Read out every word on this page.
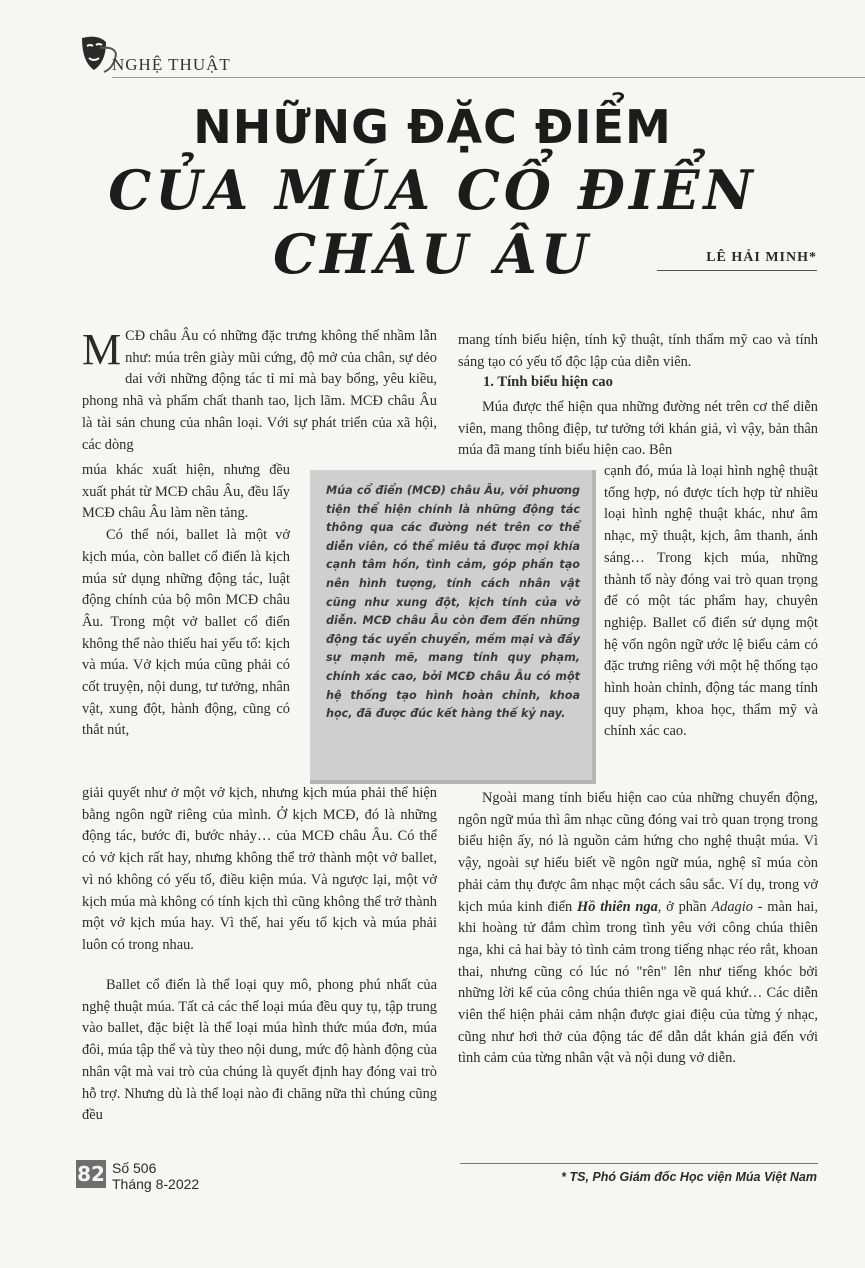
NGHỆ THUẬT
NHỮNG ĐẶC ĐIỂM
CỦA MÚA CỔ ĐIỂN CHÂU ÂU	LÊ HẢI MINH*

MCĐ châu Âu có những đặc trưng không thể nhầm lẫn như: múa trên giày mũi cứng, độ mở của chân, sự dẻo dai với những động tác tỉ mỉ mà bay bổng, yêu kiều, phong nhã và phẩm chất thanh tao, lịch lãm. MCĐ châu Âu là tài sản chung của nhân loại. Với sự phát triển của xã hội, các dòng

múa khác xuất hiện, nhưng đều xuất phát từ MCĐ châu Âu, đều lấy MCĐ châu Âu làm nền tảng.

Có thể nói, ballet là một vở kịch múa, còn ballet cổ điển là kịch múa sử dụng những động tác, luật động chính của bộ môn MCĐ châu Âu. Trong một vở ballet cổ điển không thể nào thiếu hai yếu tố: kịch và múa. Vở kịch múa cũng phải có cốt truyện, nội dung, tư tưởng, nhân vật, xung đột, hành động, cũng có thắt nút,

giải quyết như ở một vở kịch, nhưng kịch múa phải thể hiện bằng ngôn ngữ riêng của mình. Ở kịch MCĐ, đó là những động tác, bước đi, bước nhảy… của MCĐ châu Âu. Có thể có vở kịch rất hay, nhưng không thể trở thành một vở ballet, vì nó không có yếu tố, điều kiện múa. Và ngược lại, một vở kịch múa mà không có tính kịch thì cũng không thể trở thành một vở kịch múa hay. Vì thế, hai yếu tố kịch và múa phải luôn có trong nhau.

Ballet cổ điển là thể loại quy mô, phong phú nhất của nghệ thuật múa. Tất cả các thể loại múa đều quy tụ, tập trung vào ballet, đặc biệt là thể loại múa hình thức múa đơn, múa đôi, múa tập thể và tùy theo nội dung, mức độ hành động của nhân vật mà vai trò của chúng là quyết định hay đóng vai trò hỗ trợ. Nhưng dù là thể loại nào đi chăng nữa thì chúng cũng đều

Múa cổ điển (MCĐ) châu Âu, với phương tiện thể hiện chính là những động tác thông qua các đường nét trên cơ thể diễn viên, có thể miêu tả được mọi khía cạnh tâm hồn, tình cảm, góp phần tạo nên hình tượng, tính cách nhân vật cũng như xung đột, kịch tính của vở diễn. MCĐ châu Âu còn đem đến những động tác uyển chuyển, mềm mại và đầy sự mạnh mẽ, mang tính quy phạm, chính xác cao, bởi MCĐ châu Âu có một hệ thống tạo hình hoàn chỉnh, khoa học, đã được đúc kết hàng thế kỷ nay.

mang tính biểu hiện, tính kỹ thuật, tính thẩm mỹ cao và tính sáng tạo có yếu tố độc lập của diễn viên.

1. Tính biểu hiện cao

Múa được thể hiện qua những đường nét trên cơ thể diễn viên, mang thông điệp, tư tưởng tới khán giả, vì vậy, bản thân múa đã mang tính biểu hiện cao. Bên

cạnh đó, múa là loại hình nghệ thuật tổng hợp, nó được tích hợp từ nhiều loại hình nghệ thuật khác, như âm nhạc, mỹ thuật, kịch, âm thanh, ánh sáng… Trong kịch múa, những thành tố này đóng vai trò quan trọng để có một tác phẩm hay, chuyên nghiệp. Ballet cổ điển sử dụng một hệ vốn ngôn ngữ ước lệ biểu cảm có đặc trưng riêng với một hệ thống tạo hình hoàn chỉnh, động tác mang tính quy phạm, khoa học, thẩm mỹ và chính xác cao.

Ngoài mang tính biểu hiện cao của những chuyển động, ngôn ngữ múa thì âm nhạc cũng đóng vai trò quan trọng trong biểu hiện ấy, nó là nguồn cảm hứng cho nghệ thuật múa. Vì vậy, ngoài sự hiểu biết về ngôn ngữ múa, nghệ sĩ múa còn phải cảm thụ được âm nhạc một cách sâu sắc. Ví dụ, trong vở kịch múa kinh điển Hồ thiên nga, ở phần Adagio - màn hai, khi hoàng tử đắm chìm trong tình yêu với công chúa thiên nga, khi cả hai bày tỏ tình cảm trong tiếng nhạc réo rắt, khoan thai, nhưng cũng có lúc nó "rên" lên như tiếng khóc bởi những lời kể của công chúa thiên nga về quá khứ… Các diễn viên thể hiện phải cảm nhận được giai điệu của từng ý nhạc, cũng như hơi thở của động tác để dẫn dắt khán giả đến với tình cảm của từng nhân vật và nội dung vở diễn.

82 Số 506
Tháng 8-2022	* TS, Phó Giám đốc Học viện Múa Việt Nam
